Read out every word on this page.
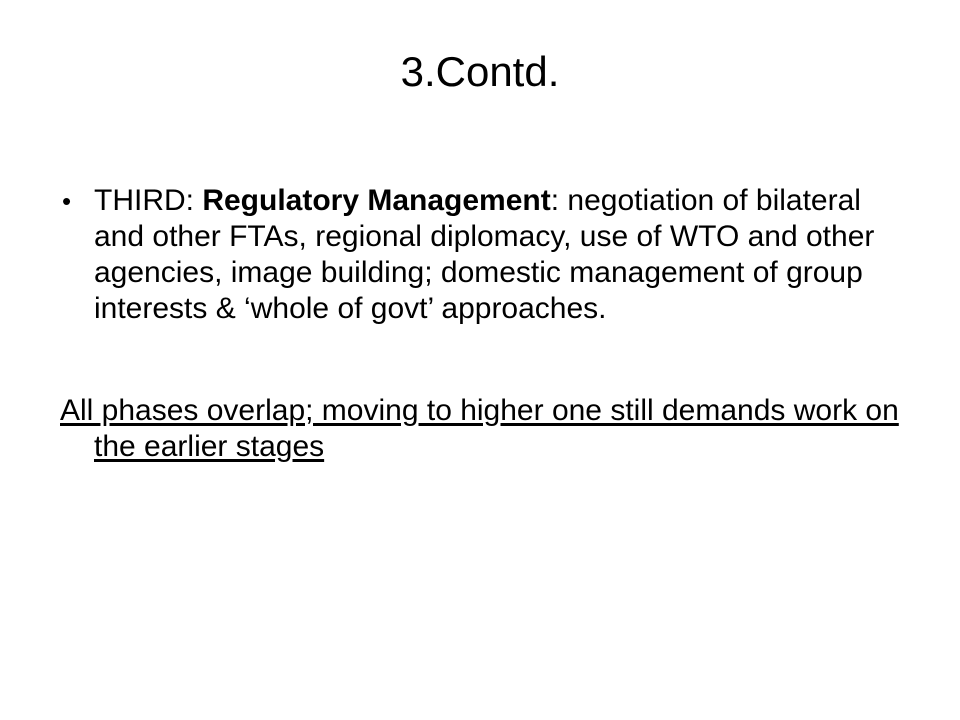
3.Contd.

• THIRD: Regulatory Management: negotiation of bilateral and other FTAs, regional diplomacy, use of WTO and other agencies, image building; domestic management of group interests & ‘whole of govt’ approaches.

All phases overlap; moving to higher one still demands work on the earlier stages
